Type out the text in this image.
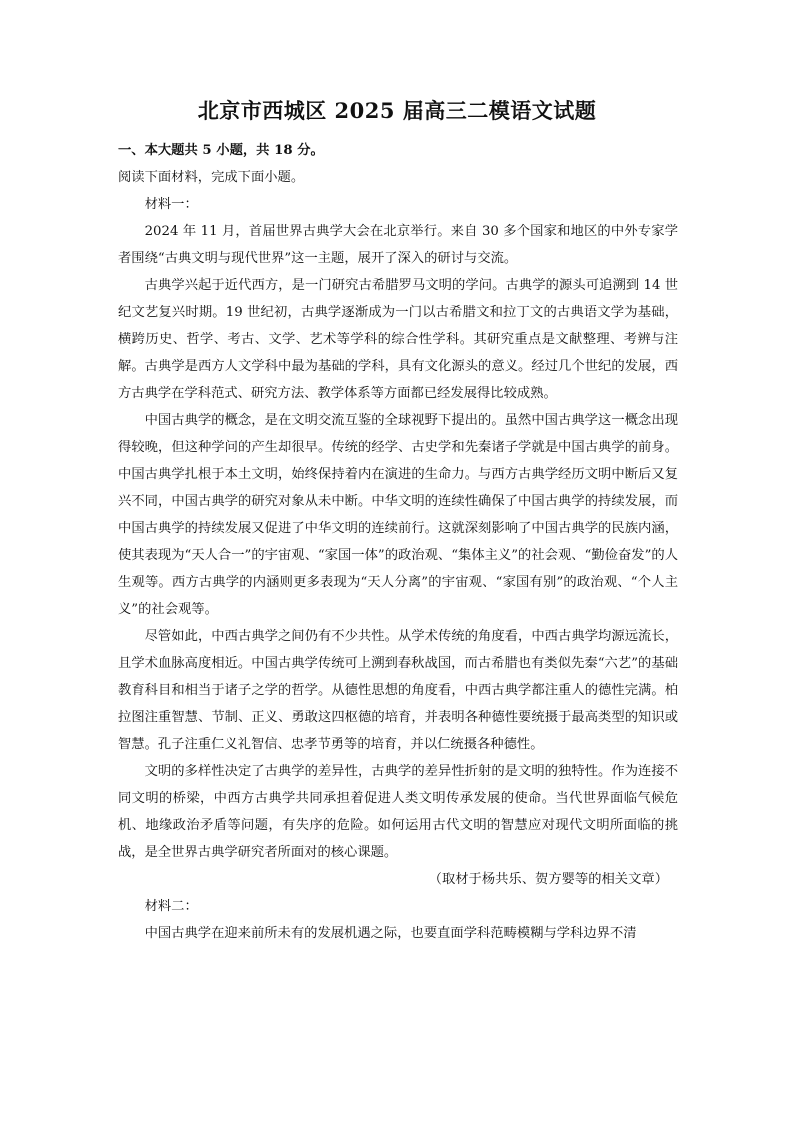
北京市西城区 2025 届高三二模语文试题
一、本大题共 5 小题，共 18 分。
阅读下面材料，完成下面小题。
材料一：

2024 年 11 月，首届世界古典学大会在北京举行。来自 30 多个国家和地区的中外专家学者围绕“古典文明与现代世界”这一主题，展开了深入的研讨与交流。

古典学兴起于近代西方，是一门研究古希腊罗马文明的学问。古典学的源头可追溯到 14 世纪文艺复兴时期。19 世纪初，古典学逐渐成为一门以古希腊文和拉丁文的古典语文学为基础，横跨历史、哲学、考古、文学、艺术等学科的综合性学科。其研究重点是文献整理、考辨与注解。古典学是西方人文学科中最为基础的学科，具有文化源头的意义。经过几个世纪的发展，西方古典学在学科范式、研究方法、教学体系等方面都已经发展得比较成熟。

中国古典学的概念，是在文明交流互鉴的全球视野下提出的。虽然中国古典学这一概念出现得较晚，但这种学问的产生却很早。传统的经学、古史学和先秦诸子学就是中国古典学的前身。中国古典学扎根于本土文明，始终保持着内在演进的生命力。与西方古典学经历文明中断后又复兴不同，中国古典学的研究对象从未中断。中华文明的连续性确保了中国古典学的持续发展，而中国古典学的持续发展又促进了中华文明的连续前行。这就深刻影响了中国古典学的民族内涵，使其表现为“天人合一”的宇宙观、“家国一体”的政治观、“集体主义”的社会观、“勤俭奋发”的人生观等。西方古典学的内涵则更多表现为“天人分离”的宇宙观、“家国有别”的政治观、“个人主义”的社会观等。

尽管如此，中西古典学之间仍有不少共性。从学术传统的角度看，中西古典学均源远流长，且学术血脉高度相近。中国古典学传统可上溯到春秋战国，而古希腊也有类似先秦“六艺”的基础教育科目和相当于诸子之学的哲学。从德性思想的角度看，中西古典学都注重人的德性完满。柏拉图注重智慧、节制、正义、勇敢这四枢德的培育，并表明各种德性要统摄于最高类型的知识或智慧。孔子注重仁义礼智信、忠孝节勇等的培育，并以仁统摄各种德性。

文明的多样性决定了古典学的差异性，古典学的差异性折射的是文明的独特性。作为连接不同文明的桥梁，中西方古典学共同承担着促进人类文明传承发展的使命。当代世界面临气候危机、地缘政治矛盾等问题，有失序的危险。如何运用古代文明的智慧应对现代文明所面临的挑战，是全世界古典学研究者所面对的核心课题。

（取材于杨共乐、贺方婴等的相关文章）
材料二：
中国古典学在迎来前所未有的发展机遇之际，也要直面学科范畴模糊与学科边界不清
